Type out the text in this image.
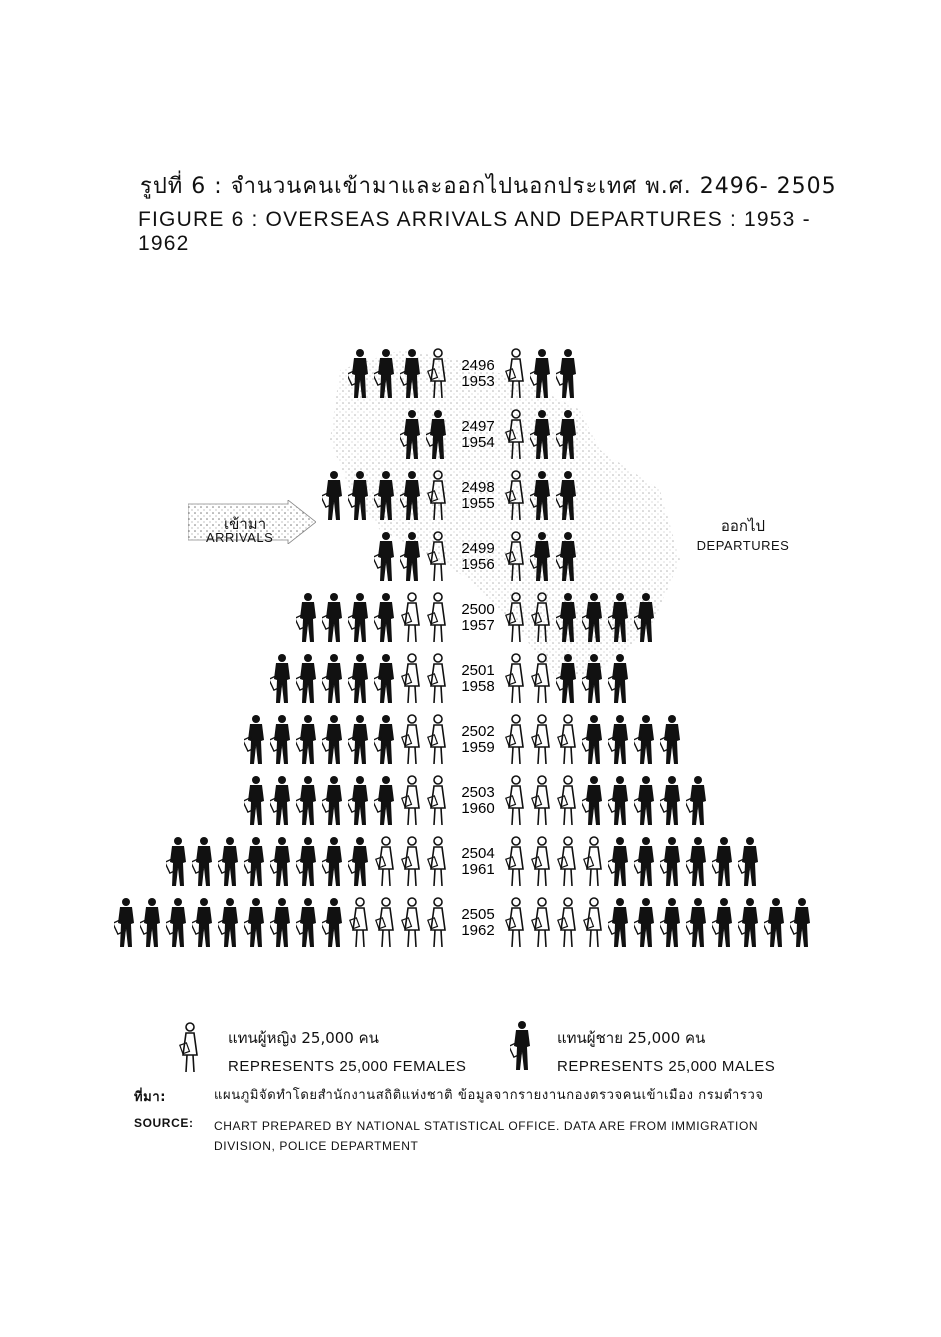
รูปที่ 6 : จำนวนคนเข้ามาและออกไปนอกประเทศ พ.ศ. 2496- 2505
FIGURE 6 : OVERSEAS ARRIVALS AND DEPARTURES : 1953 - 1962
2496
1953
2497
1954
2498
1955
2499
1956
2500
1957
2501
1958
2502
1959
2503
1960
2504
1961
2505
1962
เข้ามา
ARRIVALS
ออกไป
DEPARTURES
แทนผู้หญิง 25,000 คน
REPRESENTS 25,000 FEMALES
แทนผู้ชาย 25,000 คน
REPRESENTS 25,000 MALES
ที่มา:	แผนภูมิจัดทำโดยสำนักงานสถิติแห่งชาติ ข้อมูลจากรายงานกองตรวจคนเข้าเมือง กรมตำรวจ
SOURCE: CHART PREPARED BY NATIONAL STATISTICAL OFFICE. DATA ARE FROM IMMIGRATION DIVISION, POLICE DEPARTMENT
